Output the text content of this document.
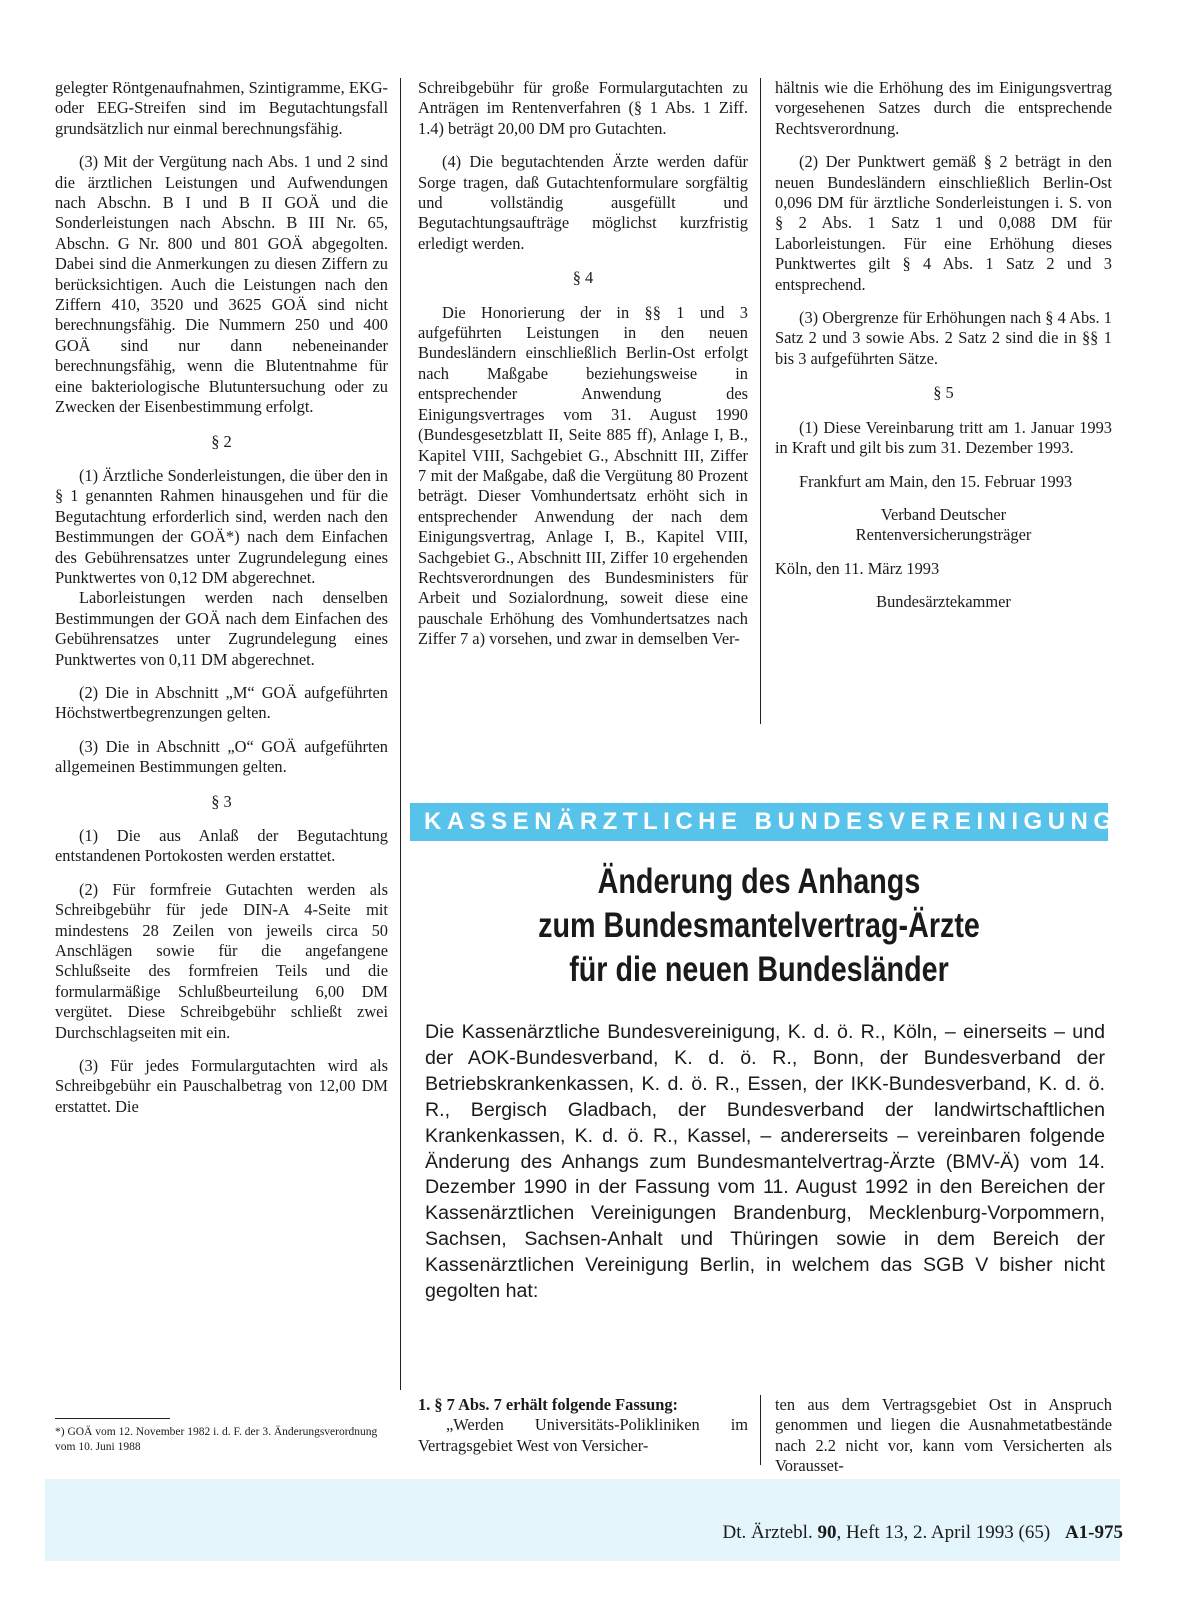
gelegter Röntgenaufnahmen, Szintigramme, EKG- oder EEG-Streifen sind im Begutachtungsfall grundsätzlich nur einmal berechnungsfähig.

(3) Mit der Vergütung nach Abs. 1 und 2 sind die ärztlichen Leistungen und Aufwendungen nach Abschn. B I und B II GOÄ und die Sonderleistungen nach Abschn. B III Nr. 65, Abschn. G Nr. 800 und 801 GOÄ abgegolten. Dabei sind die Anmerkungen zu diesen Ziffern zu berücksichtigen. Auch die Leistungen nach den Ziffern 410, 3520 und 3625 GOÄ sind nicht berechnungsfähig. Die Nummern 250 und 400 GOÄ sind nur dann nebeneinander berechnungsfähig, wenn die Blutentnahme für eine bakteriologische Blutuntersuchung oder zu Zwecken der Eisenbestimmung erfolgt.

§ 2

(1) Ärztliche Sonderleistungen, die über den in § 1 genannten Rahmen hinausgehen und für die Begutachtung erforderlich sind, werden nach den Bestimmungen der GOÄ*) nach dem Einfachen des Gebührensatzes unter Zugrundelegung eines Punktwertes von 0,12 DM abgerechnet.

Laborleistungen werden nach denselben Bestimmungen der GOÄ nach dem Einfachen des Gebührensatzes unter Zugrundelegung eines Punktwertes von 0,11 DM abgerechnet.

(2) Die in Abschnitt „M“ GOÄ aufgeführten Höchstwertbegrenzungen gelten.

(3) Die in Abschnitt „O“ GOÄ aufgeführten allgemeinen Bestimmungen gelten.

§ 3

(1) Die aus Anlaß der Begutachtung entstandenen Portokosten werden erstattet.

(2) Für formfreie Gutachten werden als Schreibgebühr für jede DIN-A 4-Seite mit mindestens 28 Zeilen von jeweils circa 50 Anschlägen sowie für die angefangene Schlußseite des formfreien Teils und die formularmäßige Schlußbeurteilung 6,00 DM vergütet. Diese Schreibgebühr schließt zwei Durchschlagseiten mit ein.

(3) Für jedes Formulargutachten wird als Schreibgebühr ein Pauschalbetrag von 12,00 DM erstattet. Die

Schreibgebühr für große Formulargutachten zu Anträgen im Rentenverfahren (§ 1 Abs. 1 Ziff. 1.4) beträgt 20,00 DM pro Gutachten.

(4) Die begutachtenden Ärzte werden dafür Sorge tragen, daß Gutachtenformulare sorgfältig und vollständig ausgefüllt und Begutachtungsaufträge möglichst kurzfristig erledigt werden.

§ 4

Die Honorierung der in §§ 1 und 3 aufgeführten Leistungen in den neuen Bundesländern einschließlich Berlin-Ost erfolgt nach Maßgabe beziehungsweise in entsprechender Anwendung des Einigungsvertrages vom 31. August 1990 (Bundesgesetzblatt II, Seite 885 ff), Anlage I, B., Kapitel VIII, Sachgebiet G., Abschnitt III, Ziffer 7 mit der Maßgabe, daß die Vergütung 80 Prozent beträgt. Dieser Vomhundertsatz erhöht sich in entsprechender Anwendung der nach dem Einigungsvertrag, Anlage I, B., Kapitel VIII, Sachgebiet G., Abschnitt III, Ziffer 10 ergehenden Rechtsverordnungen des Bundesministers für Arbeit und Sozialordnung, soweit diese eine pauschale Erhöhung des Vomhundertsatzes nach Ziffer 7 a) vorsehen, und zwar in demselben Ver-

hältnis wie die Erhöhung des im Einigungsvertrag vorgesehenen Satzes durch die entsprechende Rechtsverordnung.

(2) Der Punktwert gemäß § 2 beträgt in den neuen Bundesländern einschließlich Berlin-Ost 0,096 DM für ärztliche Sonderleistungen i. S. von § 2 Abs. 1 Satz 1 und 0,088 DM für Laborleistungen. Für eine Erhöhung dieses Punktwertes gilt § 4 Abs. 1 Satz 2 und 3 entsprechend.

(3) Obergrenze für Erhöhungen nach § 4 Abs. 1 Satz 2 und 3 sowie Abs. 2 Satz 2 sind die in §§ 1 bis 3 aufgeführten Sätze.

§ 5

(1) Diese Vereinbarung tritt am 1. Januar 1993 in Kraft und gilt bis zum 31. Dezember 1993.

Frankfurt am Main, den 15. Februar 1993

Verband Deutscher
Rentenversicherungsträger

Köln, den 11. März 1993

Bundesärztekammer
*) GOÄ vom 12. November 1982 i. d. F. der 3. Änderungsverordnung vom 10. Juni 1988
KASSENÄRZTLICHE BUNDESVEREINIGUNG
Änderung des Anhangs
zum Bundesmantelvertrag-Ärzte
für die neuen Bundesländer

Die Kassenärztliche Bundesvereinigung, K. d. ö. R., Köln, – einerseits – und der AOK-Bundesverband, K. d. ö. R., Bonn, der Bundesverband der Betriebskrankenkassen, K. d. ö. R., Essen, der IKK-Bundesverband, K. d. ö. R., Bergisch Gladbach, der Bundesverband der landwirtschaftlichen Krankenkassen, K. d. ö. R., Kassel, – andererseits – vereinbaren folgende Änderung des Anhangs zum Bundesmantelvertrag-Ärzte (BMV-Ä) vom 14. Dezember 1990 in der Fassung vom 11. August 1992 in den Bereichen der Kassenärztlichen Vereinigungen Brandenburg, Mecklenburg-Vorpommern, Sachsen, Sachsen-Anhalt und Thüringen sowie in dem Bereich der Kassenärztlichen Vereinigung Berlin, in welchem das SGB V bisher nicht gegolten hat:

1. § 7 Abs. 7 erhält folgende Fassung:

„Werden Universitäts-Polikliniken im Vertragsgebiet West von Versicher-

ten aus dem Vertragsgebiet Ost in Anspruch genommen und liegen die Ausnahmetatbestände nach 2.2 nicht vor, kann vom Versicherten als Vorausset-

Dt. Ärztebl. 90, Heft 13, 2. April 1993 (65) A1-975
